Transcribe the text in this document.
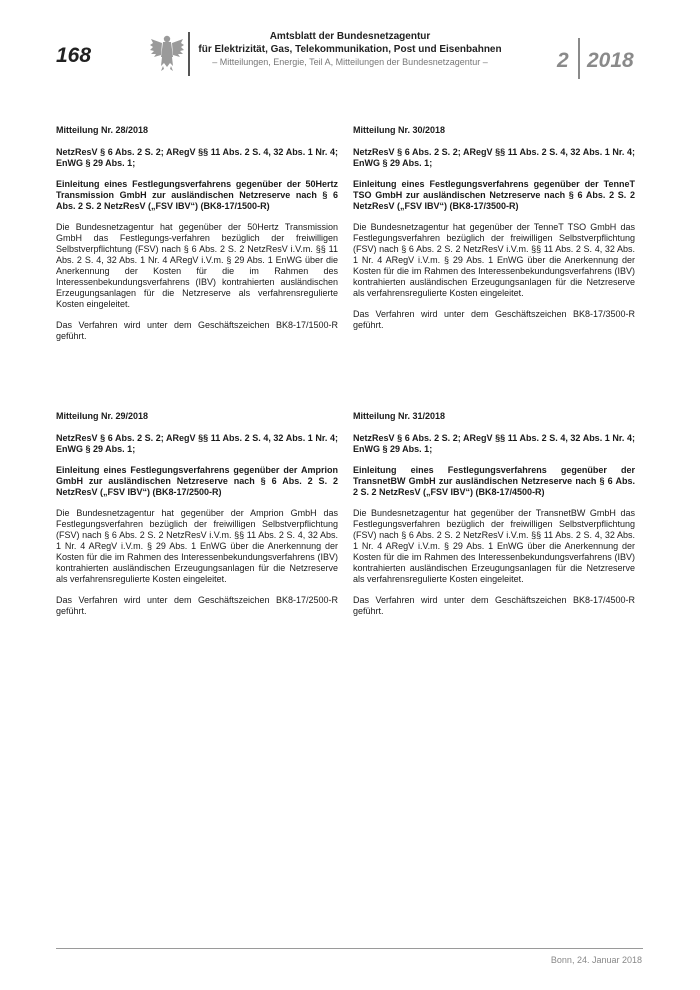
168
Amtsblatt der Bundesnetzagentur
für Elektrizität, Gas, Telekommunikation, Post und Eisenbahnen
– Mitteilungen, Energie, Teil A, Mitteilungen der Bundesnetzagentur –	2 2018

Mitteilung Nr. 28/2018

NetzResV § 6 Abs. 2 S. 2; ARegV §§ 11 Abs. 2 S. 4, 32 Abs. 1 Nr. 4; EnWG § 29 Abs. 1;

Einleitung eines Festlegungsverfahrens gegenüber der 50Hertz Transmission GmbH zur ausländischen Netzreserve nach § 6 Abs. 2 S. 2 NetzResV („FSV IBV“) (BK8-17/1500-R)

Die Bundesnetzagentur hat gegenüber der 50Hertz Transmission GmbH das Festlegungs-verfahren bezüglich der freiwilligen Selbstverpflichtung (FSV) nach § 6 Abs. 2 S. 2 NetzResV i.V.m. §§ 11 Abs. 2 S. 4, 32 Abs. 1 Nr. 4 ARegV i.V.m. § 29 Abs. 1 EnWG über die Anerkennung der Kosten für die im Rahmen des Interessenbekundungsverfahrens (IBV) kontrahierten ausländischen Erzeugungsanlagen für die Netzreserve als verfahrensregulierte Kosten eingeleitet.

Das Verfahren wird unter dem Geschäftszeichen BK8-17/1500-R geführt.

Mitteilung Nr. 30/2018

NetzResV § 6 Abs. 2 S. 2; ARegV §§ 11 Abs. 2 S. 4, 32 Abs. 1 Nr. 4; EnWG § 29 Abs. 1;

Einleitung eines Festlegungsverfahrens gegenüber der TenneT TSO GmbH zur ausländischen Netzreserve nach § 6 Abs. 2 S. 2 NetzResV („FSV IBV“) (BK8-17/3500-R)

Die Bundesnetzagentur hat gegenüber der TenneT TSO GmbH das Festlegungsverfahren bezüglich der freiwilligen Selbstverpflichtung (FSV) nach § 6 Abs. 2 S. 2 NetzResV i.V.m. §§ 11 Abs. 2 S. 4, 32 Abs. 1 Nr. 4 ARegV i.V.m. § 29 Abs. 1 EnWG über die Anerkennung der Kosten für die im Rahmen des Interessenbekundungsverfahrens (IBV) kontrahierten ausländischen Erzeugungsanlagen für die Netzreserve als verfahrensregulierte Kosten eingeleitet.

Das Verfahren wird unter dem Geschäftszeichen BK8-17/3500-R geführt.

Mitteilung Nr. 29/2018

NetzResV § 6 Abs. 2 S. 2; ARegV §§ 11 Abs. 2 S. 4, 32 Abs. 1 Nr. 4; EnWG § 29 Abs. 1;

Einleitung eines Festlegungsverfahrens gegenüber der Amprion GmbH zur ausländischen Netzreserve nach § 6 Abs. 2 S. 2 NetzResV („FSV IBV“) (BK8-17/2500-R)

Die Bundesnetzagentur hat gegenüber der Amprion GmbH das Festlegungsverfahren bezüglich der freiwilligen Selbstverpflichtung (FSV) nach § 6 Abs. 2 S. 2 NetzResV i.V.m. §§ 11 Abs. 2 S. 4, 32 Abs. 1 Nr. 4 ARegV i.V.m. § 29 Abs. 1 EnWG über die Anerkennung der Kosten für die im Rahmen des Interessenbekundungsverfahrens (IBV) kontrahierten ausländischen Erzeugungsanlagen für die Netzreserve als verfahrensregulierte Kosten eingeleitet.

Das Verfahren wird unter dem Geschäftszeichen BK8-17/2500-R geführt.

Mitteilung Nr. 31/2018

NetzResV § 6 Abs. 2 S. 2; ARegV §§ 11 Abs. 2 S. 4, 32 Abs. 1 Nr. 4; EnWG § 29 Abs. 1;

Einleitung eines Festlegungsverfahrens gegenüber der TransnetBW GmbH zur ausländischen Netzreserve nach § 6 Abs. 2 S. 2 NetzResV („FSV IBV“) (BK8-17/4500-R)

Die Bundesnetzagentur hat gegenüber der TransnetBW GmbH das Festlegungsverfahren bezüglich der freiwilligen Selbstverpflichtung (FSV) nach § 6 Abs. 2 S. 2 NetzResV i.V.m. §§ 11 Abs. 2 S. 4, 32 Abs. 1 Nr. 4 ARegV i.V.m. § 29 Abs. 1 EnWG über die Anerkennung der Kosten für die im Rahmen des Interessenbekundungsverfahrens (IBV) kontrahierten ausländischen Erzeugungsanlagen für die Netzreserve als verfahrensregulierte Kosten eingeleitet.

Das Verfahren wird unter dem Geschäftszeichen BK8-17/4500-R geführt.

Bonn, 24. Januar 2018
